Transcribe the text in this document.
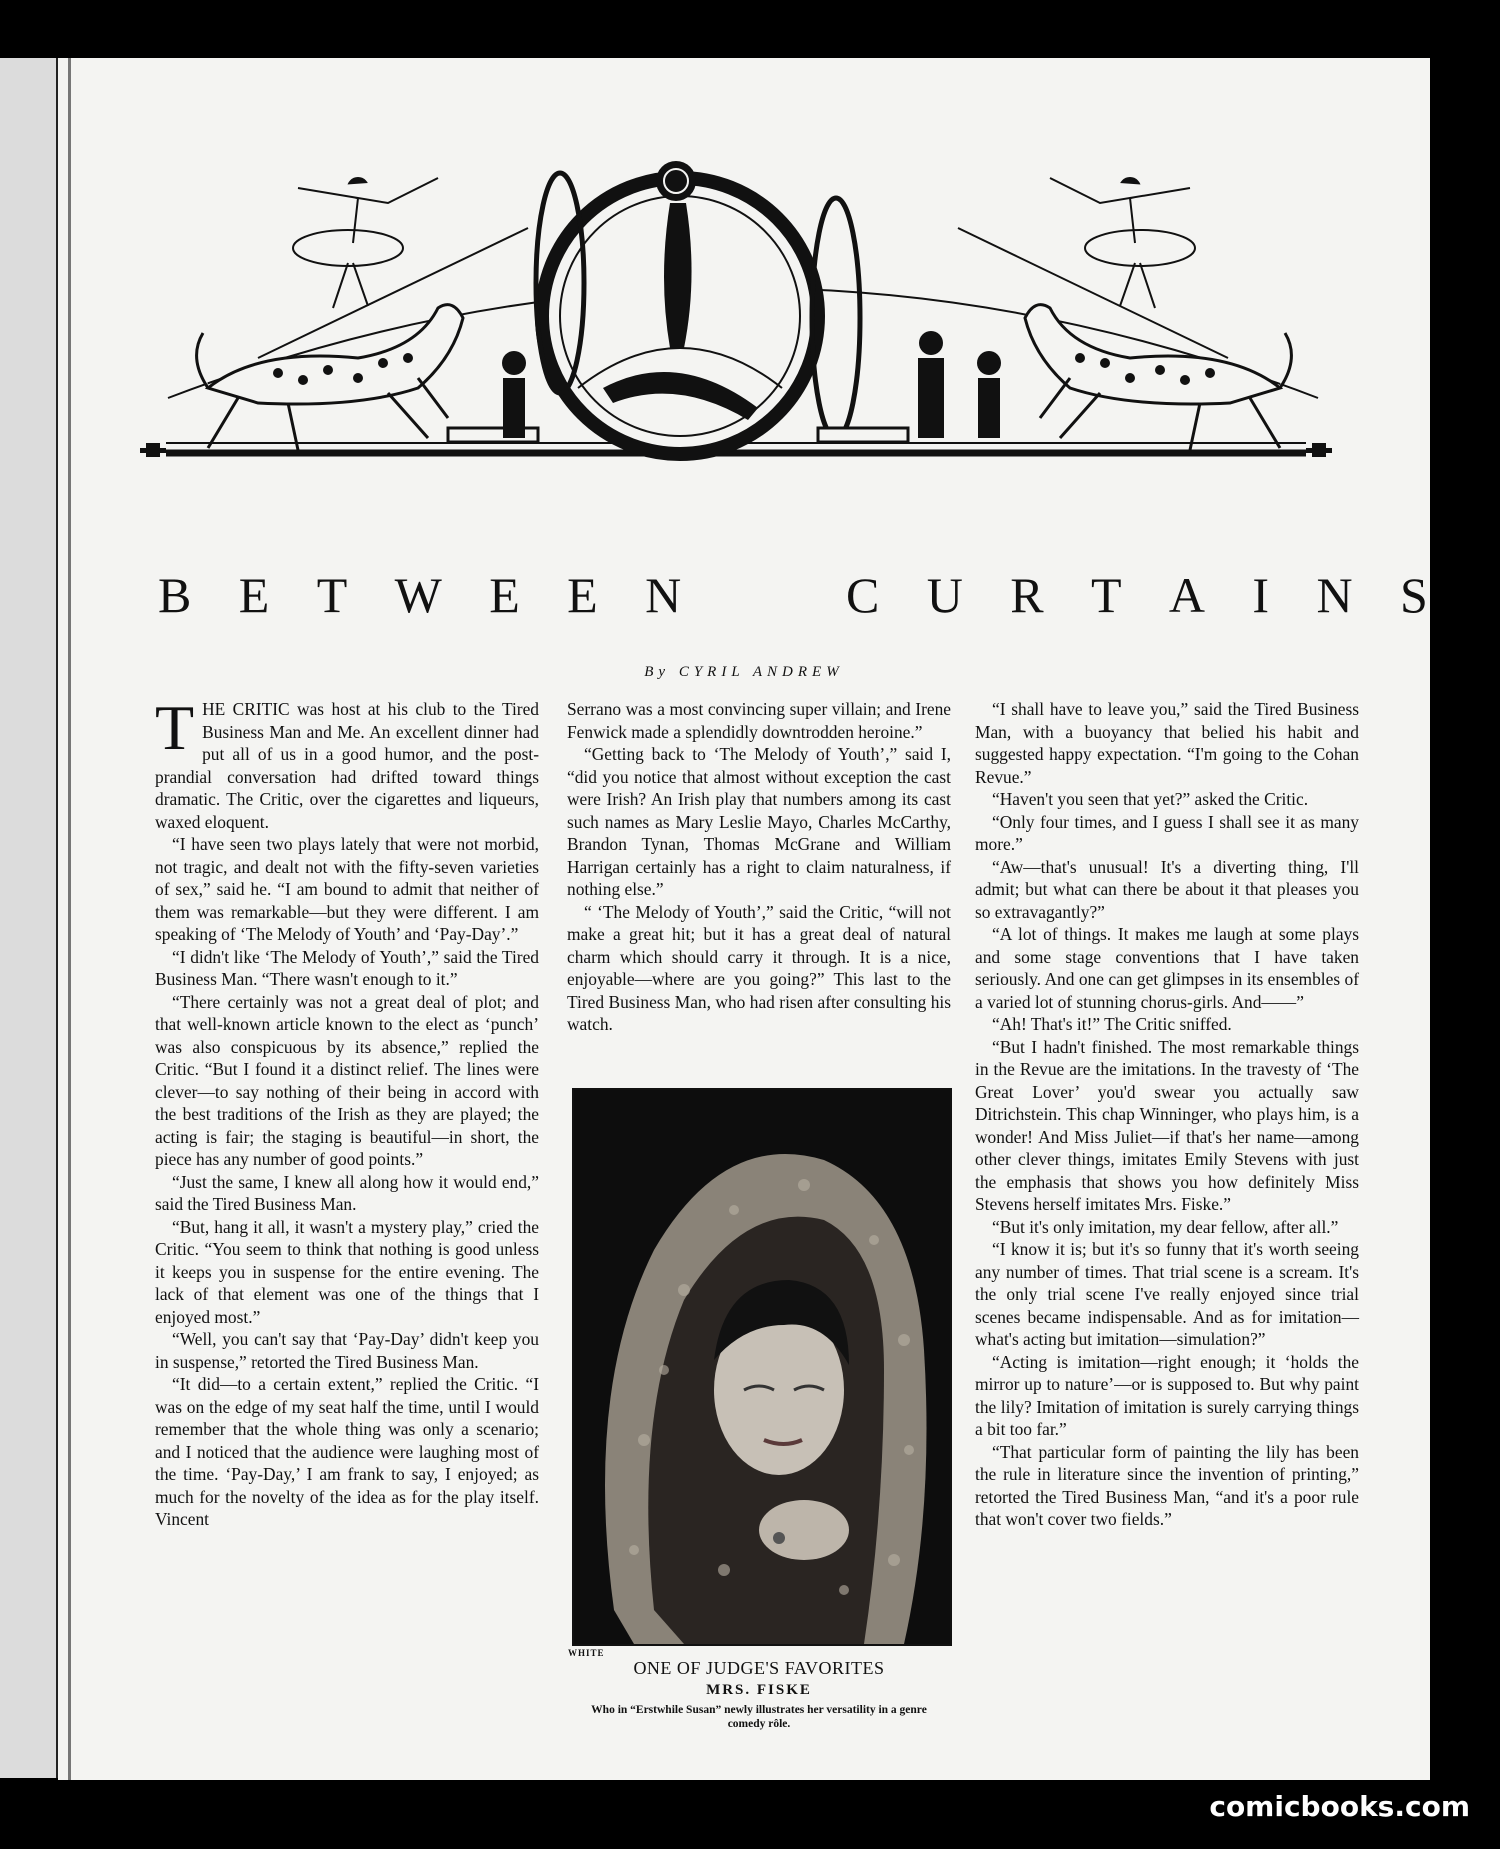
B E T W E E N	C U R T A I N S
By CYRIL ANDREW

THE CRITIC was host at his club to the Tired Business Man and Me. An excellent dinner had put all of us in a good humor, and the post-prandial conversation had drifted toward things dramatic. The Critic, over the cigarettes and liqueurs, waxed eloquent.

“I have seen two plays lately that were not morbid, not tragic, and dealt not with the fifty-seven varieties of sex,” said he. “I am bound to admit that neither of them was remarkable—but they were different. I am speaking of ‘The Melody of Youth’ and ‘Pay-Day’.”

“I didn't like ‘The Melody of Youth’,” said the Tired Business Man. “There wasn't enough to it.”

“There certainly was not a great deal of plot; and that well-known article known to the elect as ‘punch’ was also conspicuous by its absence,” replied the Critic. “But I found it a distinct relief. The lines were clever—to say nothing of their being in accord with the best traditions of the Irish as they are played; the acting is fair; the staging is beautiful—in short, the piece has any number of good points.”

“Just the same, I knew all along how it would end,” said the Tired Business Man.

“But, hang it all, it wasn't a mystery play,” cried the Critic. “You seem to think that nothing is good unless it keeps you in suspense for the entire evening. The lack of that element was one of the things that I enjoyed most.”

“Well, you can't say that ‘Pay-Day’ didn't keep you in suspense,” retorted the Tired Business Man.

“It did—to a certain extent,” replied the Critic. “I was on the edge of my seat half the time, until I would remember that the whole thing was only a scenario; and I noticed that the audience were laughing most of the time. ‘Pay-Day,’ I am frank to say, I enjoyed; as much for the novelty of the idea as for the play itself. Vincent

Serrano was a most convincing super villain; and Irene Fenwick made a splendidly downtrodden heroine.”

“Getting back to ‘The Melody of Youth’,” said I, “did you notice that almost without exception the cast were Irish? An Irish play that numbers among its cast such names as Mary Leslie Mayo, Charles McCarthy, Brandon Tynan, Thomas McGrane and William Harrigan certainly has a right to claim naturalness, if nothing else.”

“ ‘The Melody of Youth’,” said the Critic, “will not make a great hit; but it has a great deal of natural charm which should carry it through. It is a nice, enjoyable—where are you going?” This last to the Tired Business Man, who had risen after consulting his watch.

WHITE
ONE OF JUDGE'S FAVORITES
MRS. FISKE
Who in “Erstwhile Susan” newly illustrates her versatility in a genre comedy rôle.

“I shall have to leave you,” said the Tired Business Man, with a buoyancy that belied his habit and suggested happy expectation. “I'm going to the Cohan Revue.”

“Haven't you seen that yet?” asked the Critic.

“Only four times, and I guess I shall see it as many more.”

“Aw—that's unusual! It's a diverting thing, I'll admit; but what can there be about it that pleases you so extravagantly?”

“A lot of things. It makes me laugh at some plays and some stage conventions that I have taken seriously. And one can get glimpses in its ensembles of a varied lot of stunning chorus-girls. And——”

“Ah! That's it!” The Critic sniffed.

“But I hadn't finished. The most remarkable things in the Revue are the imitations. In the travesty of ‘The Great Lover’ you'd swear you actually saw Ditrichstein. This chap Winninger, who plays him, is a wonder! And Miss Juliet—if that's her name—among other clever things, imitates Emily Stevens with just the emphasis that shows you how definitely Miss Stevens herself imitates Mrs. Fiske.”

“But it's only imitation, my dear fellow, after all.”

“I know it is; but it's so funny that it's worth seeing any number of times. That trial scene is a scream. It's the only trial scene I've really enjoyed since trial scenes became indispensable. And as for imitation—what's acting but imitation—simulation?”

“Acting is imitation—right enough; it ‘holds the mirror up to nature’—or is supposed to. But why paint the lily? Imitation of imitation is surely carrying things a bit too far.”

“That particular form of painting the lily has been the rule in literature since the invention of printing,” retorted the Tired Business Man, “and it's a poor rule that won't cover two fields.”

comicbooks.com
